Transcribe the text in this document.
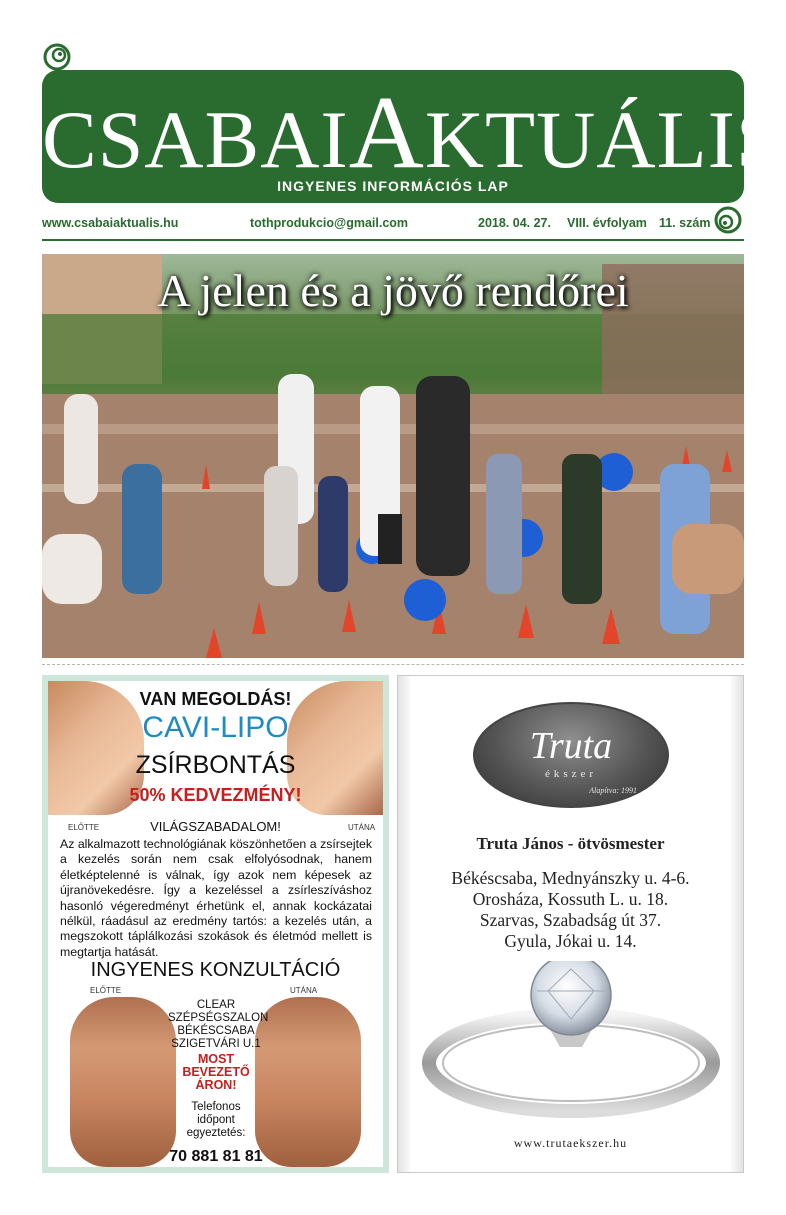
CSABAIAKTUÁLIS
INGYENES INFORMÁCIÓS LAP
www.csabaiaktualis.hu	tothprodukcio@gmail.com	2018. 04. 27. VIII. évfolyam 11. szám
A jelen és a jövő rendőrei
VAN MEGOLDÁS!
CAVI-LIPO
ZSÍRBONTÁS
50% KEDVEZMÉNY!
ELŐTTE	UTÁNA
VILÁGSZABADALOM!
Az alkalmazott technológiának köszönhetően a zsírsejtek a kezelés során nem csak elfolyósodnak, hanem életképtelenné is válnak, így azok nem képesek az újranövekedésre. Így a kezeléssel a zsírleszíváshoz hasonló végeredményt érhetünk el, annak kockázatai nélkül, ráadásul az eredmény tartós: a kezelés után, a megszokott táplálkozási szokások és életmód mellett is megtartja hatását.
INGYENES KONZULTÁCIÓ
ELŐTTE	UTÁNA
CLEAR
SZÉPSÉGSZALON
BÉKÉSCSABA
SZIGETVÁRI U.1
MOST
BEVEZETŐ
ÁRON!
Telefonos
időpont
egyeztetés:
70 881 81 81
Truta
ékszer
Alapítva: 1991
Truta János - ötvösmester
Békéscsaba, Mednyánszky u. 4-6.
Orosháza, Kossuth L. u. 18.
Szarvas, Szabadság út 37.
Gyula, Jókai u. 14.
www.trutaekszer.hu
